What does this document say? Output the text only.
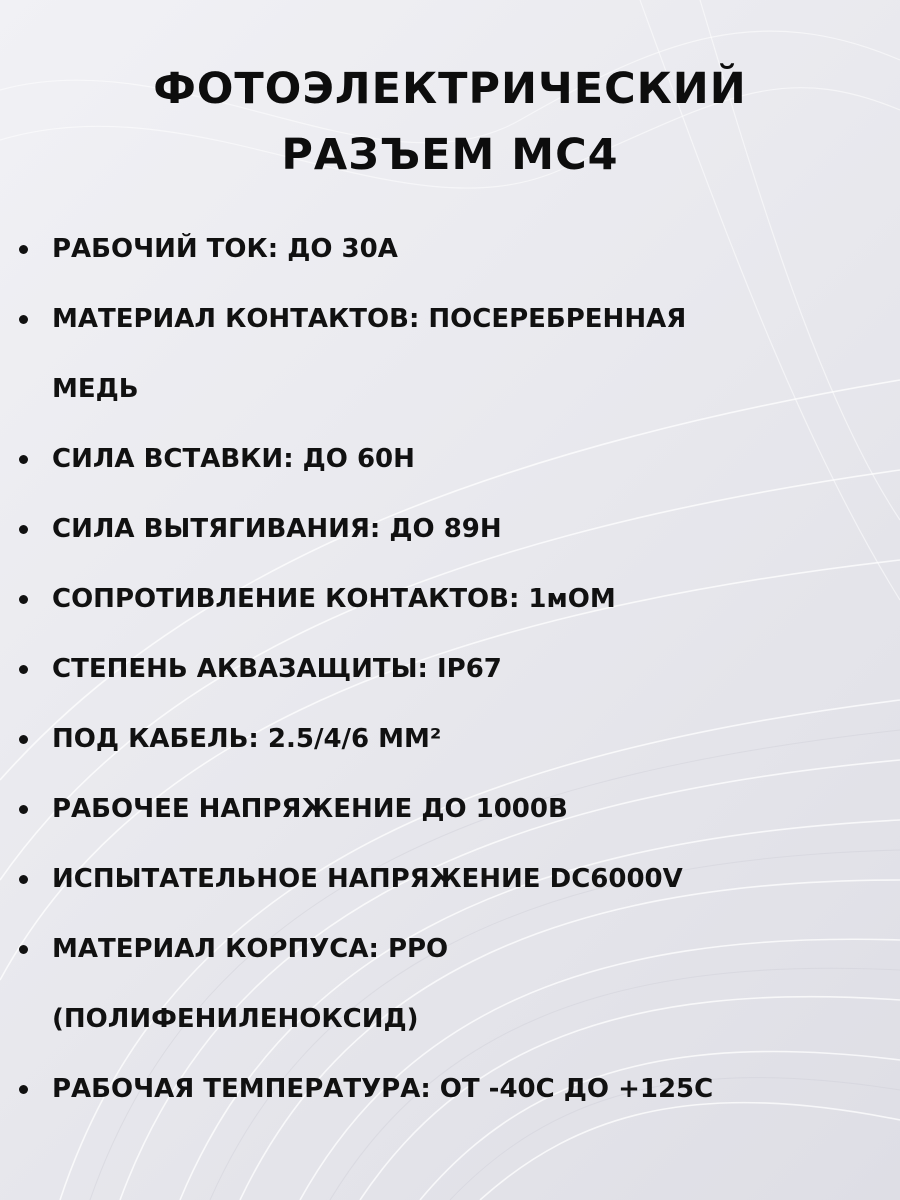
ФОТОЭЛЕКТРИЧЕСКИЙ
РАЗЪЕМ МС4
РАБОЧИЙ ТОК: ДО 30А
МАТЕРИАЛ КОНТАКТОВ: ПОСЕРЕБРЕННАЯ
МЕДЬ
СИЛА ВСТАВКИ: ДО 60Н
СИЛА ВЫТЯГИВАНИЯ: ДО 89Н
СОПРОТИВЛЕНИЕ КОНТАКТОВ: 1мОМ
СТЕПЕНЬ АКВАЗАЩИТЫ: IP67
ПОД КАБЕЛЬ: 2.5/4/6 ММ²
РАБОЧЕЕ НАПРЯЖЕНИЕ ДО 1000В
ИСПЫТАТЕЛЬНОЕ НАПРЯЖЕНИЕ DC6000V
МАТЕРИАЛ КОРПУСА: PPO
(ПОЛИФЕНИЛЕНОКСИД)
РАБОЧАЯ ТЕМПЕРАТУРА: ОТ -40С ДО +125С
